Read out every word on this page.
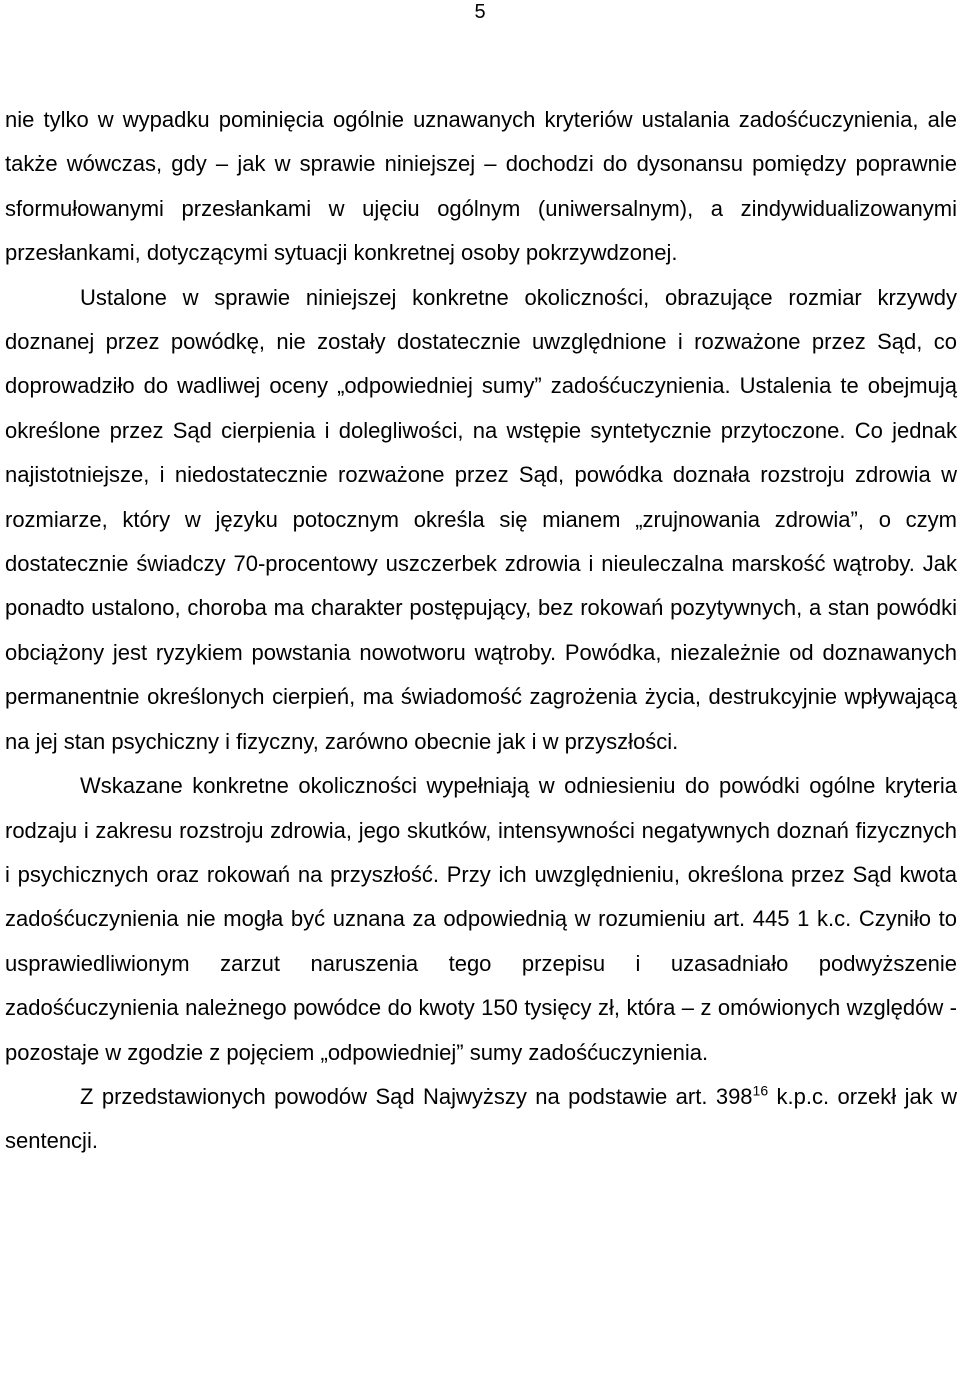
5

nie tylko w wypadku pominięcia ogólnie uznawanych kryteriów ustalania zadośćuczynienia, ale także wówczas, gdy – jak w sprawie niniejszej – dochodzi do dysonansu pomiędzy poprawnie sformułowanymi przesłankami w ujęciu ogólnym (uniwersalnym), a zindywidualizowanymi przesłankami, dotyczącymi sytuacji konkretnej osoby pokrzywdzonej.

Ustalone w sprawie niniejszej konkretne okoliczności, obrazujące rozmiar krzywdy doznanej przez powódkę, nie zostały dostatecznie uwzględnione i rozważone przez Sąd, co doprowadziło do wadliwej oceny „odpowiedniej sumy” zadośćuczynienia. Ustalenia te obejmują określone przez Sąd cierpienia i dolegliwości, na wstępie syntetycznie przytoczone. Co jednak najistotniejsze, i niedostatecznie rozważone przez Sąd, powódka doznała rozstroju zdrowia w rozmiarze, który w języku potocznym określa się mianem „zrujnowania zdrowia”, o czym dostatecznie świadczy 70-procentowy uszczerbek zdrowia i nieuleczalna marskość wątroby. Jak ponadto ustalono, choroba ma charakter postępujący, bez rokowań pozytywnych, a stan powódki obciążony jest ryzykiem powstania nowotworu wątroby. Powódka, niezależnie od doznawanych permanentnie określonych cierpień, ma świadomość zagrożenia życia, destrukcyjnie wpływającą na jej stan psychiczny i fizyczny, zarówno obecnie jak i w przyszłości.

Wskazane konkretne okoliczności wypełniają w odniesieniu do powódki ogólne kryteria rodzaju i zakresu rozstroju zdrowia, jego skutków, intensywności negatywnych doznań fizycznych i psychicznych oraz rokowań na przyszłość. Przy ich uwzględnieniu, określona przez Sąd kwota zadośćuczynienia nie mogła być uznana za odpowiednią w rozumieniu art. 445 1 k.c. Czyniło to usprawiedliwionym zarzut naruszenia tego przepisu i uzasadniało podwyższenie zadośćuczynienia należnego powódce do kwoty 150 tysięcy zł, która – z omówionych względów - pozostaje w zgodzie z pojęciem „odpowiedniej” sumy zadośćuczynienia.

Z przedstawionych powodów Sąd Najwyższy na podstawie art. 398$^{16}$ k.p.c. orzekł jak w sentencji.
